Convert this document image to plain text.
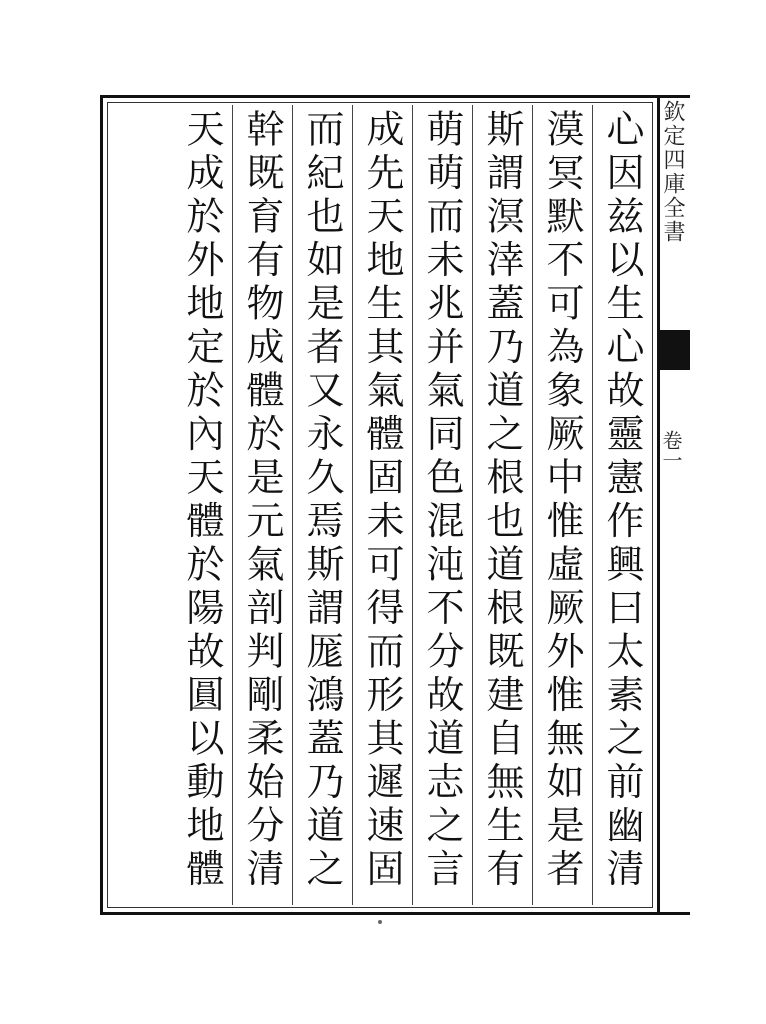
欽定四庫全書
卷一
心因兹以生心故靈憲作興曰太素之前幽清
漠冥默不可為象厥中惟虛厥外惟無如是者
斯謂溟涬蓋乃道之根也道根既建自無生有
萌萌而未兆并氣同色混沌不分故道志之言
成先天地生其氣體固未可得而形其遲速固
而紀也如是者又永久焉斯謂厖鴻蓋乃道之
幹既育有物成體於是元氣剖判剛柔始分清
天成於外地定於內天體於陽故圓以動地體
